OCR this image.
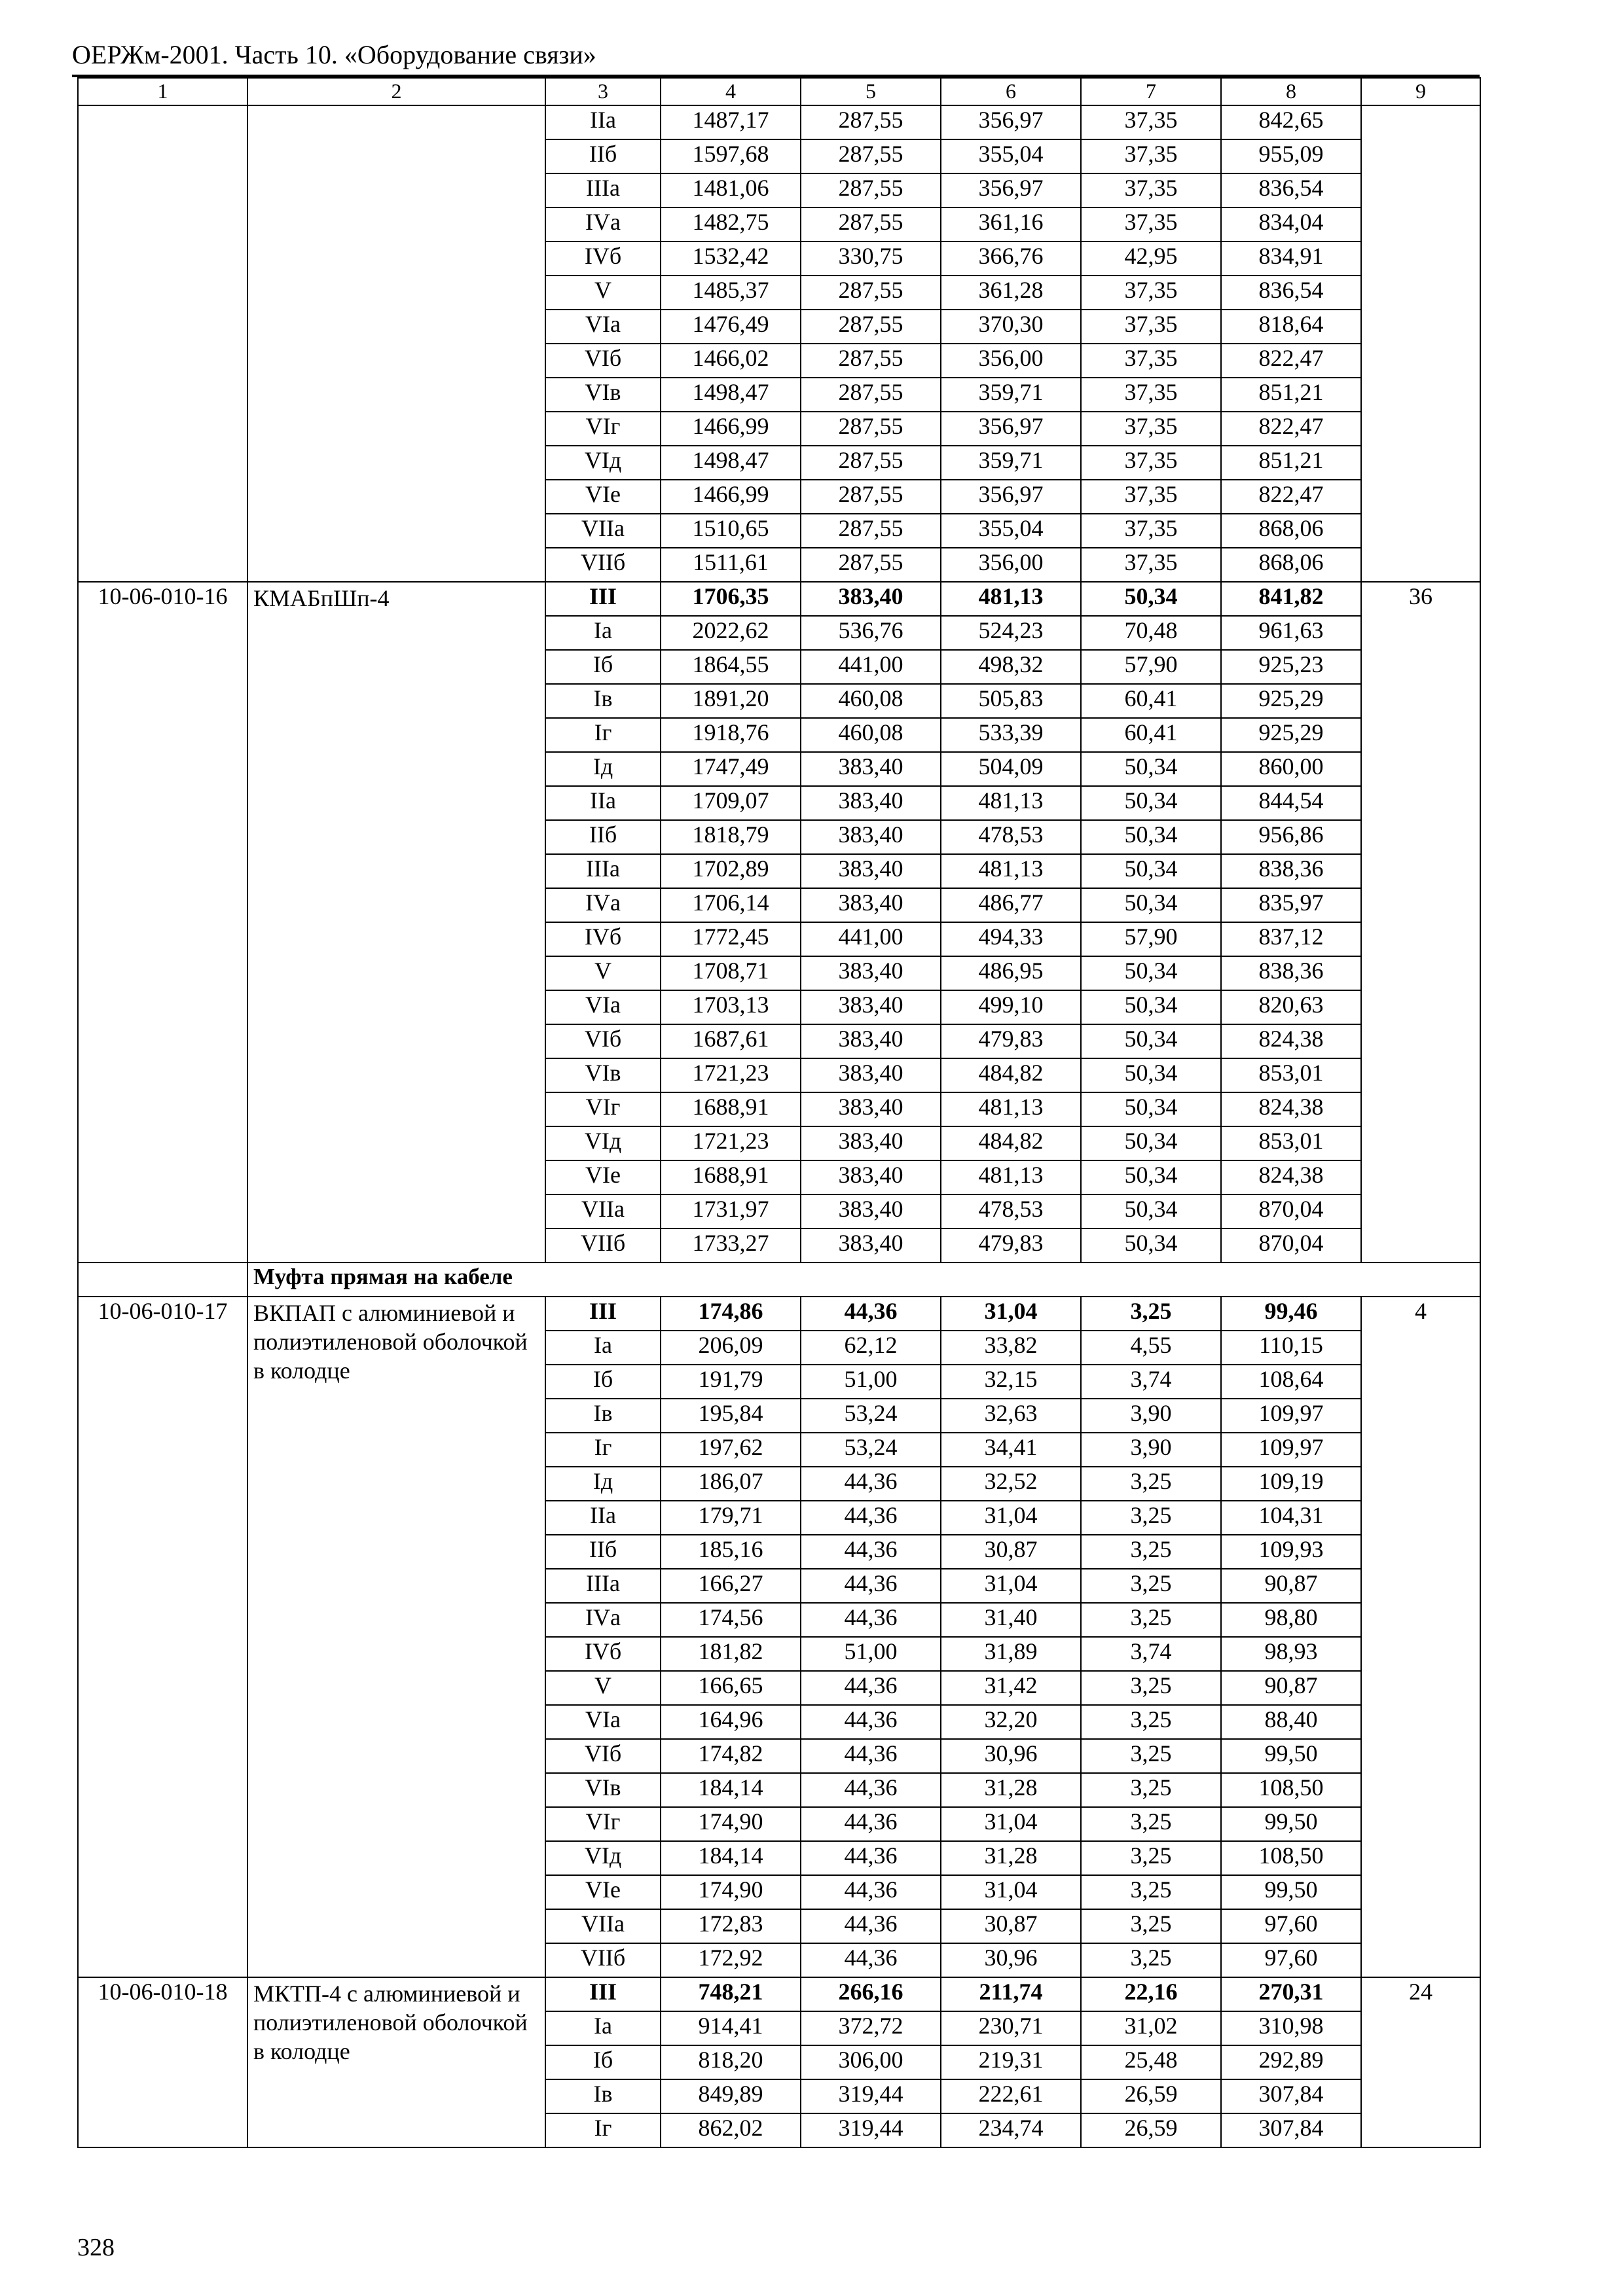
ОЕРЖм-2001. Часть 10. «Оборудование связи»
1	2	3	4	5	6	7	8	9
		IIа	1487,17	287,55	356,97	37,35	842,65	
		IIб	1597,68	287,55	355,04	37,35	955,09	
		IIIа	1481,06	287,55	356,97	37,35	836,54	
		IVа	1482,75	287,55	361,16	37,35	834,04	
		IVб	1532,42	330,75	366,76	42,95	834,91	
		V	1485,37	287,55	361,28	37,35	836,54	
		VIа	1476,49	287,55	370,30	37,35	818,64	
		VIб	1466,02	287,55	356,00	37,35	822,47	
		VIв	1498,47	287,55	359,71	37,35	851,21	
		VIг	1466,99	287,55	356,97	37,35	822,47	
		VIд	1498,47	287,55	359,71	37,35	851,21	
		VIе	1466,99	287,55	356,97	37,35	822,47	
		VIIа	1510,65	287,55	355,04	37,35	868,06	
		VIIб	1511,61	287,55	356,00	37,35	868,06	
10-06-010-16	КМАБпШп-4	III	1706,35	383,40	481,13	50,34	841,82	36
		Iа	2022,62	536,76	524,23	70,48	961,63	
		Iб	1864,55	441,00	498,32	57,90	925,23	
		Iв	1891,20	460,08	505,83	60,41	925,29	
		Iг	1918,76	460,08	533,39	60,41	925,29	
		Iд	1747,49	383,40	504,09	50,34	860,00	
		IIа	1709,07	383,40	481,13	50,34	844,54	
		IIб	1818,79	383,40	478,53	50,34	956,86	
		IIIа	1702,89	383,40	481,13	50,34	838,36	
		IVа	1706,14	383,40	486,77	50,34	835,97	
		IVб	1772,45	441,00	494,33	57,90	837,12	
		V	1708,71	383,40	486,95	50,34	838,36	
		VIа	1703,13	383,40	499,10	50,34	820,63	
		VIб	1687,61	383,40	479,83	50,34	824,38	
		VIв	1721,23	383,40	484,82	50,34	853,01	
		VIг	1688,91	383,40	481,13	50,34	824,38	
		VIд	1721,23	383,40	484,82	50,34	853,01	
		VIе	1688,91	383,40	481,13	50,34	824,38	
		VIIа	1731,97	383,40	478,53	50,34	870,04	
		VIIб	1733,27	383,40	479,83	50,34	870,04	
	Муфта прямая на кабеле							
10-06-010-17	ВКПАП с алюминиевой и полиэтиленовой оболочкой в колодце	III	174,86	44,36	31,04	3,25	99,46	4
		Iа	206,09	62,12	33,82	4,55	110,15	
		Iб	191,79	51,00	32,15	3,74	108,64	
		Iв	195,84	53,24	32,63	3,90	109,97	
		Iг	197,62	53,24	34,41	3,90	109,97	
		Iд	186,07	44,36	32,52	3,25	109,19	
		IIа	179,71	44,36	31,04	3,25	104,31	
		IIб	185,16	44,36	30,87	3,25	109,93	
		IIIа	166,27	44,36	31,04	3,25	90,87	
		IVа	174,56	44,36	31,40	3,25	98,80	
		IVб	181,82	51,00	31,89	3,74	98,93	
		V	166,65	44,36	31,42	3,25	90,87	
		VIа	164,96	44,36	32,20	3,25	88,40	
		VIб	174,82	44,36	30,96	3,25	99,50	
		VIв	184,14	44,36	31,28	3,25	108,50	
		VIг	174,90	44,36	31,04	3,25	99,50	
		VIд	184,14	44,36	31,28	3,25	108,50	
		VIе	174,90	44,36	31,04	3,25	99,50	
		VIIа	172,83	44,36	30,87	3,25	97,60	
		VIIб	172,92	44,36	30,96	3,25	97,60	
10-06-010-18	МКТП-4 с алюминиевой и полиэтиленовой оболочкой в колодце	III	748,21	266,16	211,74	22,16	270,31	24
		Iа	914,41	372,72	230,71	31,02	310,98	
		Iб	818,20	306,00	219,31	25,48	292,89	
		Iв	849,89	319,44	222,61	26,59	307,84	
		Iг	862,02	319,44	234,74	26,59	307,84	
328
